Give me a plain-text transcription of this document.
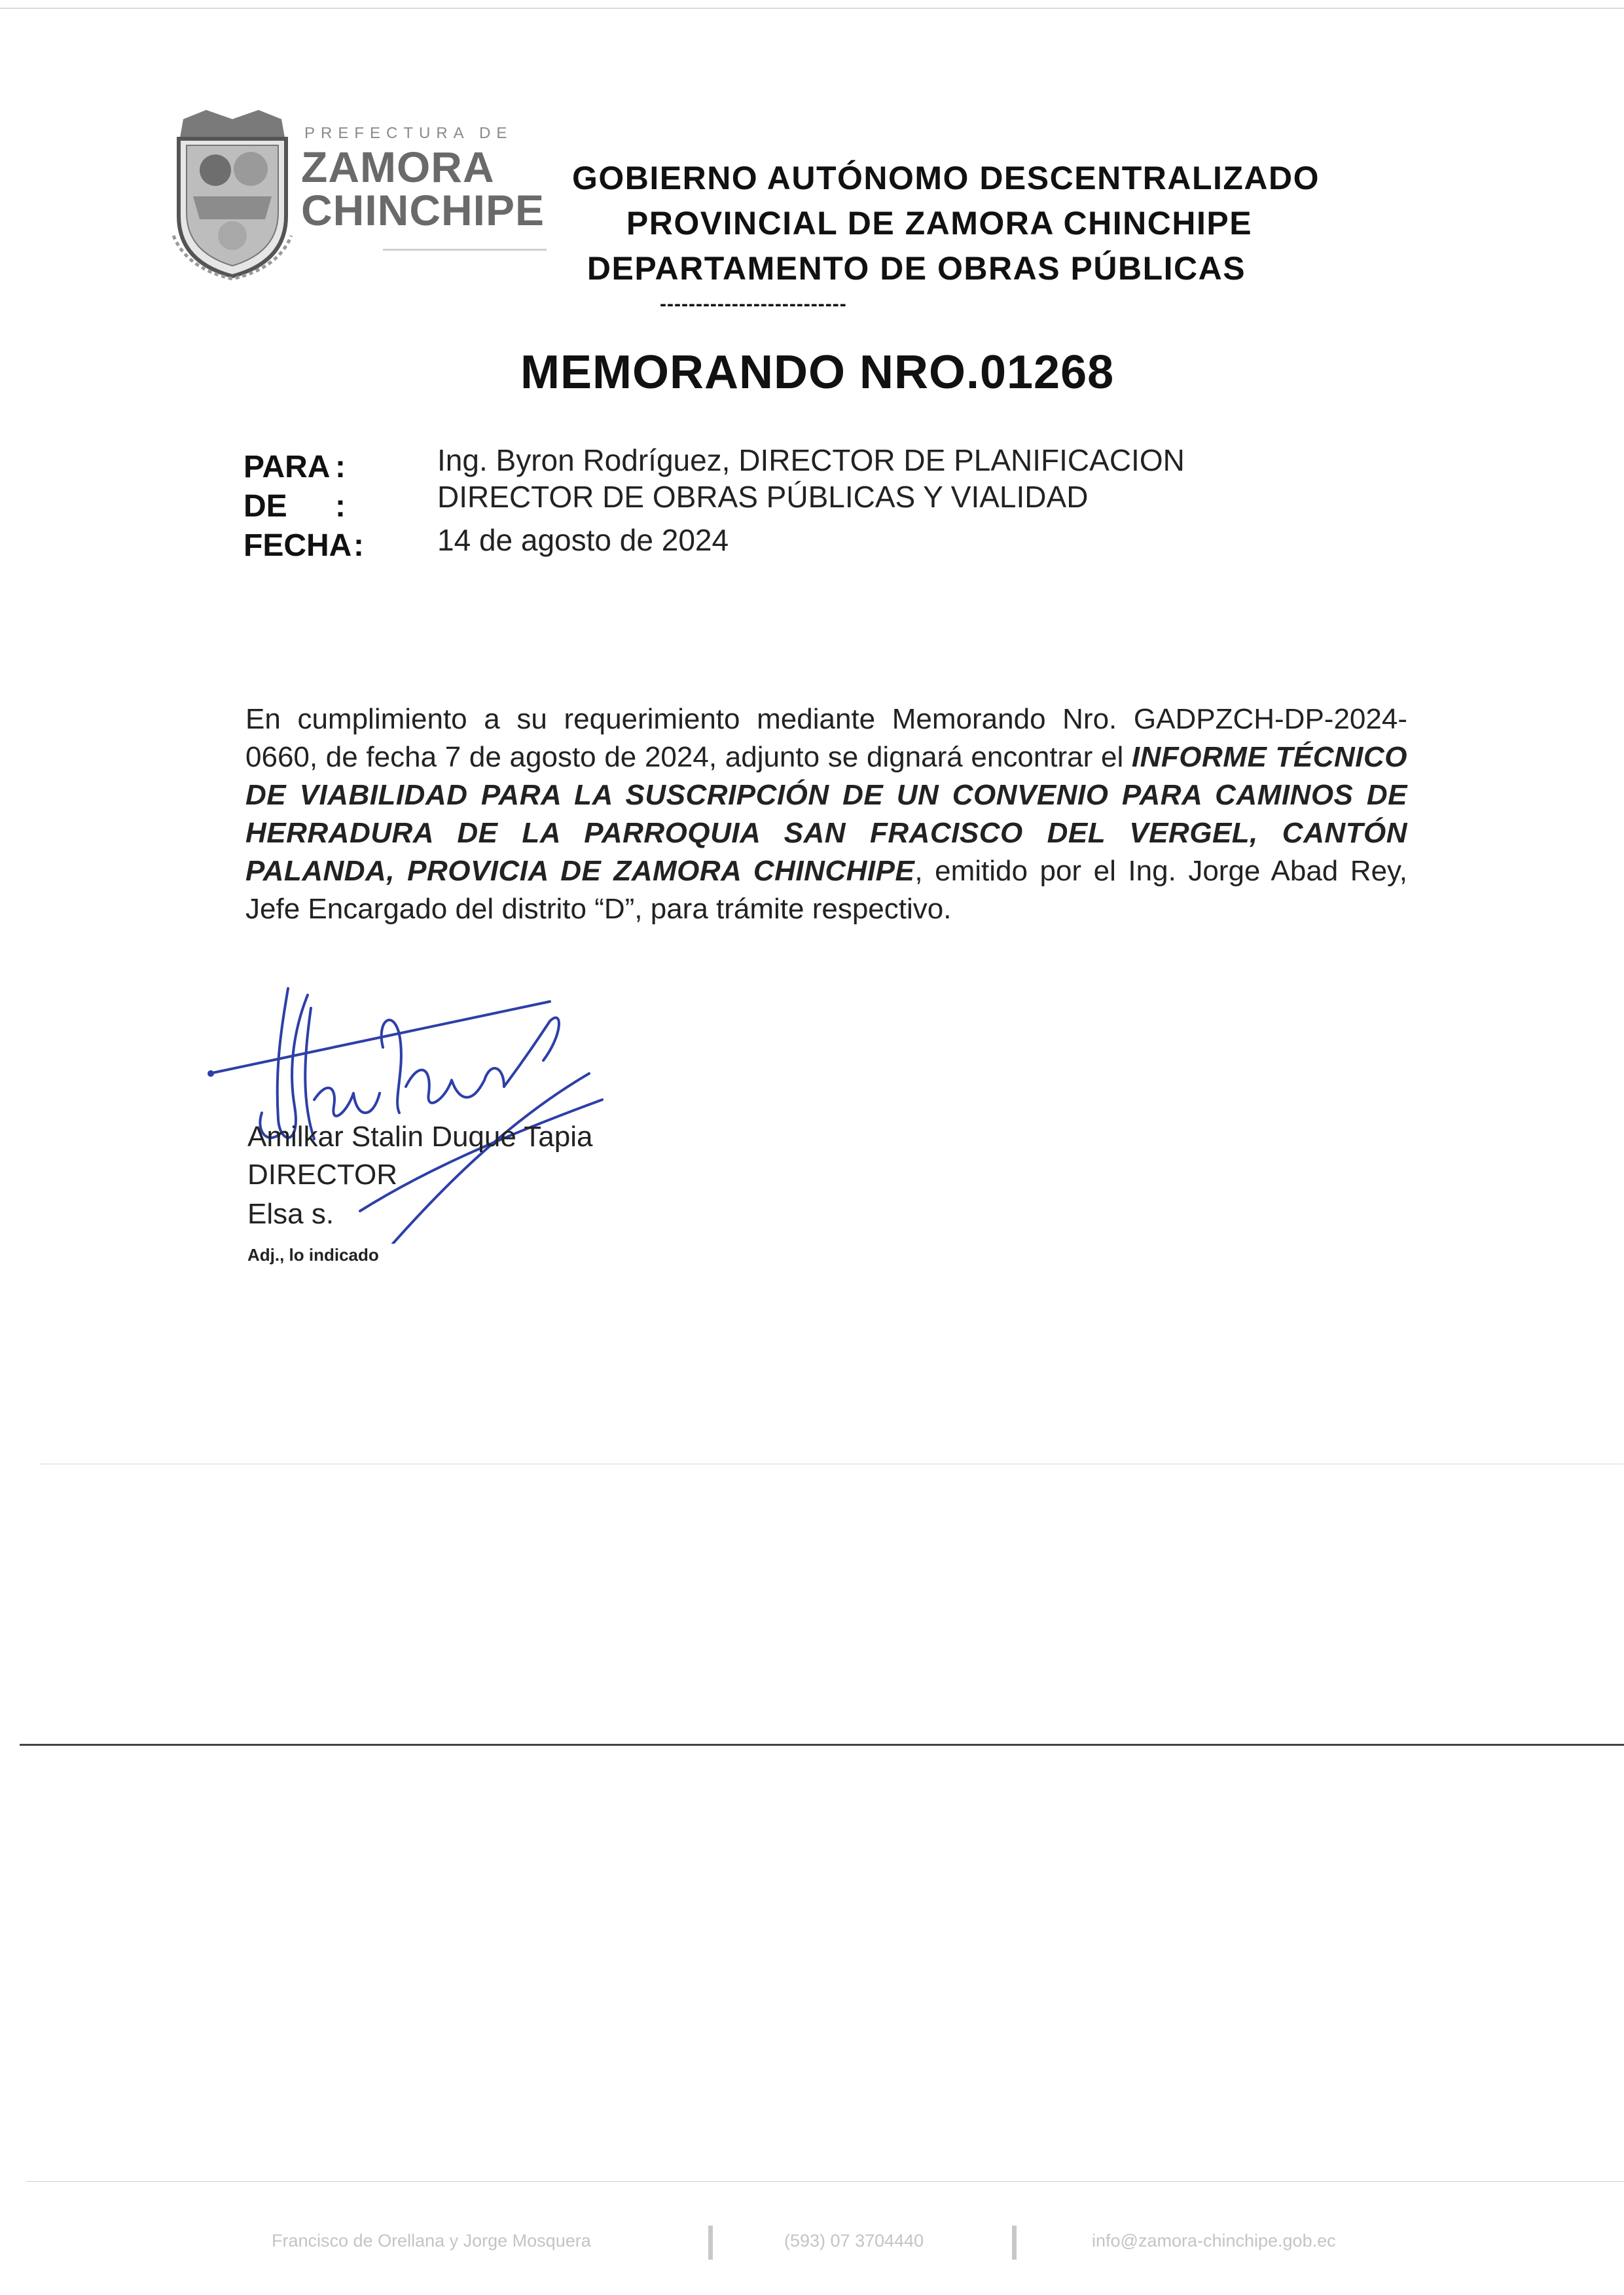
PREFECTURA DE
ZAMORA
CHINCHIPE
GOBIERNO AUTÓNOMO DESCENTRALIZADO
PROVINCIAL DE ZAMORA CHINCHIPE
DEPARTAMENTO DE OBRAS PÚBLICAS
--------------------------
MEMORANDO NRO.01268
PARA :	Ing. Byron Rodríguez, DIRECTOR DE PLANIFICACION
DE :	DIRECTOR DE OBRAS PÚBLICAS Y VIALIDAD
FECHA : 14 de agosto de 2024
En cumplimiento a su requerimiento mediante Memorando Nro. GADPZCH-DP-2024-0660, de fecha 7 de agosto de 2024, adjunto se dignará encontrar el INFORME TÉCNICO DE VIABILIDAD PARA LA SUSCRIPCIÓN DE UN CONVENIO PARA CAMINOS DE HERRADURA DE LA PARROQUIA SAN FRACISCO DEL VERGEL, CANTÓN PALANDA, PROVICIA DE ZAMORA CHINCHIPE, emitido por el Ing. Jorge Abad Rey, Jefe Encargado del distrito “D”, para trámite respectivo.
Amilkar Stalin Duque Tapia
DIRECTOR
Elsa s.
Adj., lo indicado
Francisco de Orellana y Jorge Mosquera	(593) 07 3704440	info@zamora-chinchipe.gob.ec
